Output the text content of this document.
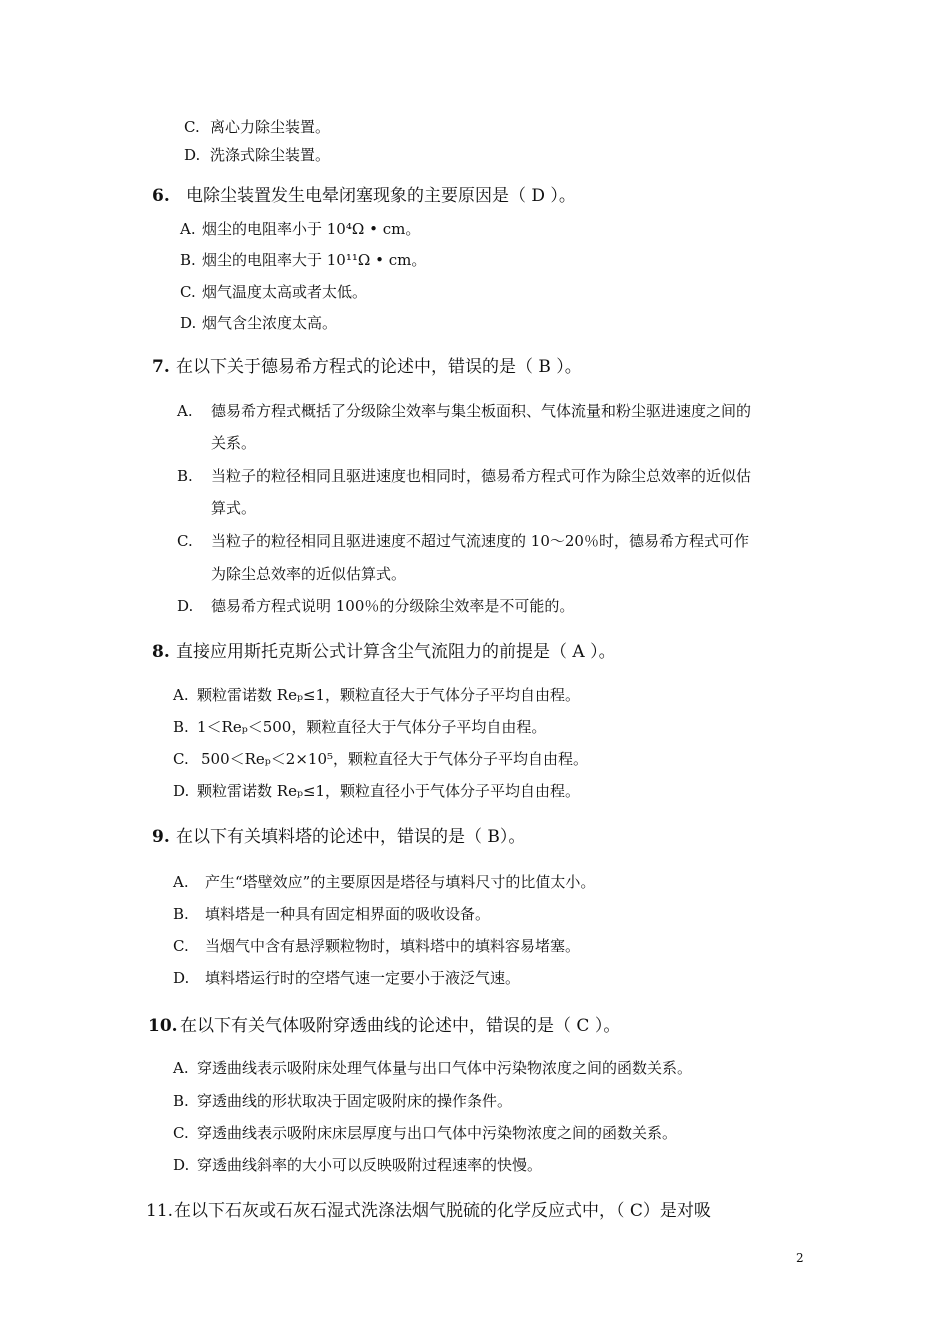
C. 离心力除尘装置。
D. 洗涤式除尘装置。
6. 电除尘装置发生电晕闭塞现象的主要原因是（ D ）。
A. 烟尘的电阻率小于 10⁴Ω • cm。
B. 烟尘的电阻率大于 10¹¹Ω • cm。
C. 烟气温度太高或者太低。
D. 烟气含尘浓度太高。
7. 在以下关于德易希方程式的论述中，错误的是（ B ）。
A. 德易希方程式概括了分级除尘效率与集尘板面积、气体流量和粉尘驱进速度之间的
关系。
B. 当粒子的粒径相同且驱进速度也相同时，德易希方程式可作为除尘总效率的近似估
算式。
C. 当粒子的粒径相同且驱进速度不超过气流速度的 10～20％时，德易希方程式可作
为除尘总效率的近似估算式。
D. 德易希方程式说明 100％的分级除尘效率是不可能的。
8. 直接应用斯托克斯公式计算含尘气流阻力的前提是（ A ）。
A. 颗粒雷诺数 Reₚ≤1，颗粒直径大于气体分子平均自由程。
B. 1＜Reₚ＜500，颗粒直径大于气体分子平均自由程。
C. 500＜Reₚ＜2×10⁵，颗粒直径大于气体分子平均自由程。
D. 颗粒雷诺数 Reₚ≤1，颗粒直径小于气体分子平均自由程。
9. 在以下有关填料塔的论述中，错误的是（ B）。
A. 产生“塔壁效应”的主要原因是塔径与填料尺寸的比值太小。
B. 填料塔是一种具有固定相界面的吸收设备。
C. 当烟气中含有悬浮颗粒物时，填料塔中的填料容易堵塞。
D. 填料塔运行时的空塔气速一定要小于液泛气速。
10. 在以下有关气体吸附穿透曲线的论述中，错误的是（ C ）。
A. 穿透曲线表示吸附床处理气体量与出口气体中污染物浓度之间的函数关系。
B. 穿透曲线的形状取决于固定吸附床的操作条件。
C. 穿透曲线表示吸附床床层厚度与出口气体中污染物浓度之间的函数关系。
D. 穿透曲线斜率的大小可以反映吸附过程速率的快慢。
11.在以下石灰或石灰石湿式洗涤法烟气脱硫的化学反应式中，（ C）是对吸
2
